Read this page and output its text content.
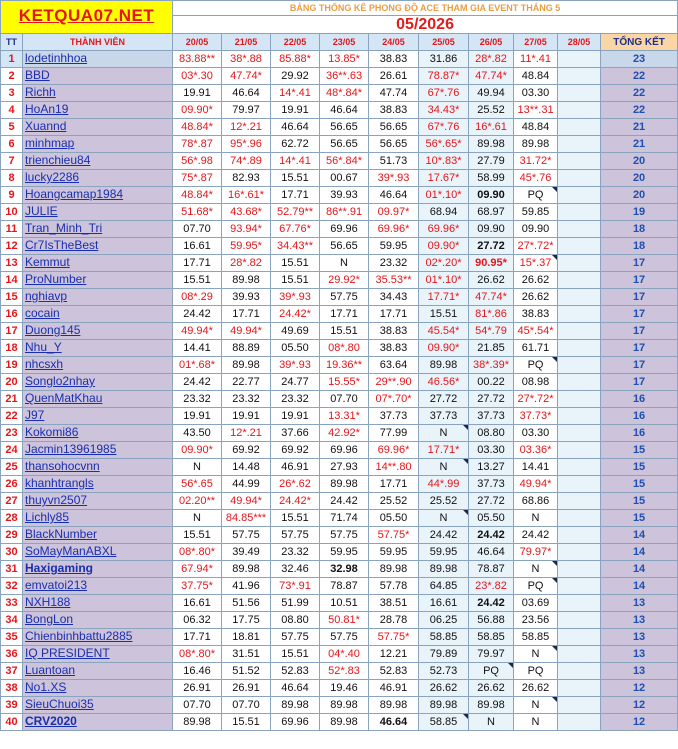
KETQUA07.NET		BẢNG THỐNG KÊ PHONG ĐỘ ACE THAM GIA EVENT THÁNG 5									
		05/2026									
TT	THÀNH VIÊN	20/05	21/05	22/05	23/05	24/05	25/05	26/05	27/05	28/05	TỔNG KẾT
1	lodetinhhoa	83.88**	38*.88	85.88*	13.85*	38.83	31.86	28*.82	11*.41		23
2	BBD	03*.30	47.74*	29.92	36**.63	26.61	78.87*	47.74*	48.84		22
3	Richh	19.91	46.64	14*.41	48*.84*	47.74	67*.76	49.94	03.30		22
4	HoAn19	09.90*	79.97	19.91	46.64	38.83	34.43*	25.52	13**.31		22
5	Xuannd	48.84*	12*.21	46.64	56.65	56.65	67*.76	16*.61	48.84		21
6	minhmap	78*.87	95*.96	62.72	56.65	56.65	56*.65*	89.98	89.98		21
7	trienchieu84	56*.98	74*.89	14*.41	56*.84*	51.73	10*.83*	27.79	31.72*		20
8	lucky2286	75*.87	82.93	15.51	00.67	39*.93	17.67*	58.99	45*.76		20
9	Hoangcamap1984	48.84*	16*.61*	17.71	39.93	46.64	01*.10*	09.90	PQ		20
10	JULIE	51.68*	43.68*	52.79**	86**.91	09.97*	68.94	68.97	59.85		19
11	Tran_Minh_Tri	07.70	93.94*	67.76*	69.96	69.96*	69.96*	09.90	09.90		18
12	Cr7IsTheBest	16.61	59.95*	34.43**	56.65	59.95	09.90*	27.72	27*.72*		18
13	Kemmut	17.71	28*.82	15.51	N	23.32	02*.20*	90.95*	15*.37		17
14	ProNumber	15.51	89.98	15.51	29.92*	35.53**	01*.10*	26.62	26.62		17
15	nghiavp	08*.29	39.93	39*.93	57.75	34.43	17.71*	47.74*	26.62		17
16	cocain	24.42	17.71	24.42*	17.71	17.71	15.51	81*.86	38.83		17
17	Duong145	49.94*	49.94*	49.69	15.51	38.83	45.54*	54*.79	45*.54*		17
18	Nhu_Y	14.41	88.89	05.50	08*.80	38.83	09.90*	21.85	61.71		17
19	nhcsxh	01*.68*	89.98	39*.93	19.36**	63.64	89.98	38*.39*	PQ		17
20	Songlo2nhay	24.42	22.77	24.77	15.55*	29**.90	46.56*	00.22	08.98		17
21	QuenMatKhau	23.32	23.32	23.32	07.70	07*.70*	27.72	27.72	27*.72*		16
22	J97	19.91	19.91	19.91	13.31*	37.73	37.73	37.73	37.73*		16
23	Kokomi86	43.50	12*.21	37.66	42.92*	77.99	N	08.80	03.30		16
24	Jacmin13961985	09.90*	69.92	69.92	69.96	69.96*	17.71*	03.30	03.36*		15
25	thansohocvnn	N	14.48	46.91	27.93	14**.80	N	13.27	14.41		15
26	khanhtrangls	56*.65	44.99	26*.62	89.98	17.71	44*.99	37.73	49.94*		15
27	thuyvn2507	02.20**	49.94*	24.42*	24.42	25.52	25.52	27.72	68.86		15
28	Lichly85	N	84.85***	15.51	71.74	05.50	N	05.50	N		15
29	BlackNumber	15.51	57.75	57.75	57.75	57.75*	24.42	24.42	24.42		14
30	SoMayManABXL	08*.80*	39.49	23.32	59.95	59.95	59.95	46.64	79.97*		14
31	Haxigaming	67.94*	89.98	32.46	32.98	89.98	89.98	78.87	N		14
32	emvatoi213	37.75*	41.96	73*.91	78.87	57.78	64.85	23*.82	PQ		14
33	NXH188	16.61	51.56	51.99	10.51	38.51	16.61	24.42	03.69		13
34	BongLon	06.32	17.75	08.80	50.81*	28.78	06.25	56.88	23.56		13
35	Chienbinhbattu2885	17.71	18.81	57.75	57.75	57.75*	58.85	58.85	58.85		13
36	IQ PRESIDENT	08*.80*	31.51	15.51	04*.40	12.21	79.89	79.97	N		13
37	Luantoan	16.46	51.52	52.83	52*.83	52.83	52.73	PQ	PQ		13
38	No1.XS	26.91	26.91	46.64	19.46	46.91	26.62	26.62	26.62		12
39	SieuChuoi35	07.70	07.70	89.98	89.98	89.98	89.98	89.98	N		12
40	CRV2020	89.98	15.51	69.96	89.98	46.64	58.85	N	N		12
